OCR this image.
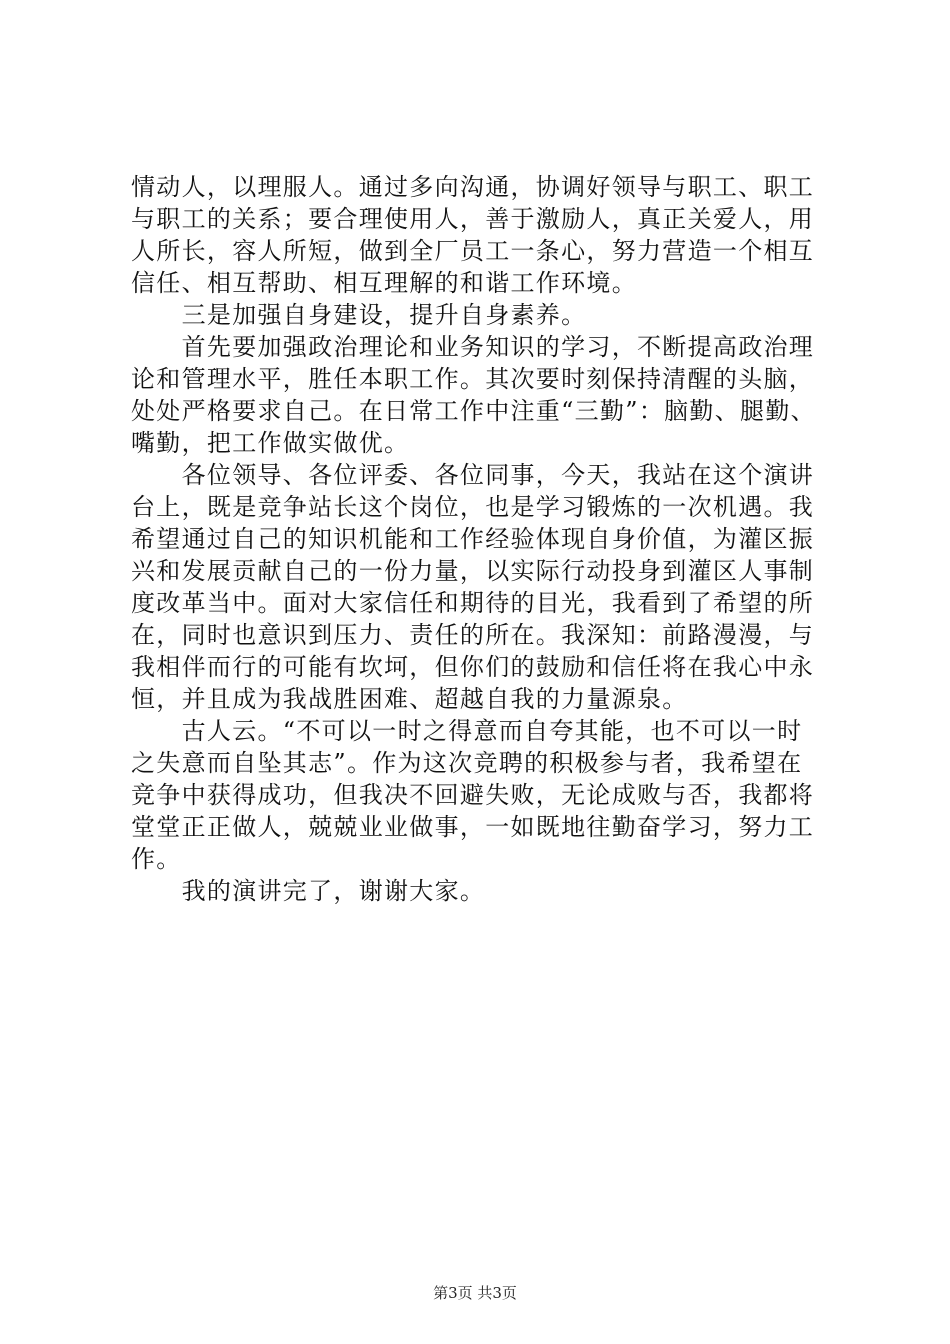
情动人，以理服人。通过多向沟通，协调好领导与职工、职工
与职工的关系；要合理使用人，善于激励人，真正关爱人，用
人所长，容人所短，做到全厂员工一条心，努力营造一个相互
信任、相互帮助、相互理解的和谐工作环境。
　　三是加强自身建设，提升自身素养。
　　首先要加强政治理论和业务知识的学习，不断提高政治理
论和管理水平，胜任本职工作。其次要时刻保持清醒的头脑，
处处严格要求自己。在日常工作中注重“三勤”：脑勤、腿勤、
嘴勤，把工作做实做优。
　　各位领导、各位评委、各位同事，今天，我站在这个演讲
台上，既是竞争站长这个岗位，也是学习锻炼的一次机遇。我
希望通过自己的知识机能和工作经验体现自身价值，为灌区振
兴和发展贡献自己的一份力量，以实际行动投身到灌区人事制
度改革当中。面对大家信任和期待的目光，我看到了希望的所
在，同时也意识到压力、责任的所在。我深知：前路漫漫，与
我相伴而行的可能有坎坷，但你们的鼓励和信任将在我心中永
恒，并且成为我战胜困难、超越自我的力量源泉。
　　古人云。“不可以一时之得意而自夸其能，也不可以一时
之失意而自坠其志”。作为这次竞聘的积极参与者，我希望在
竞争中获得成功，但我决不回避失败，无论成败与否，我都将
堂堂正正做人，兢兢业业做事，一如既地往勤奋学习，努力工
作。
　　我的演讲完了，谢谢大家。
第3页 共3页
